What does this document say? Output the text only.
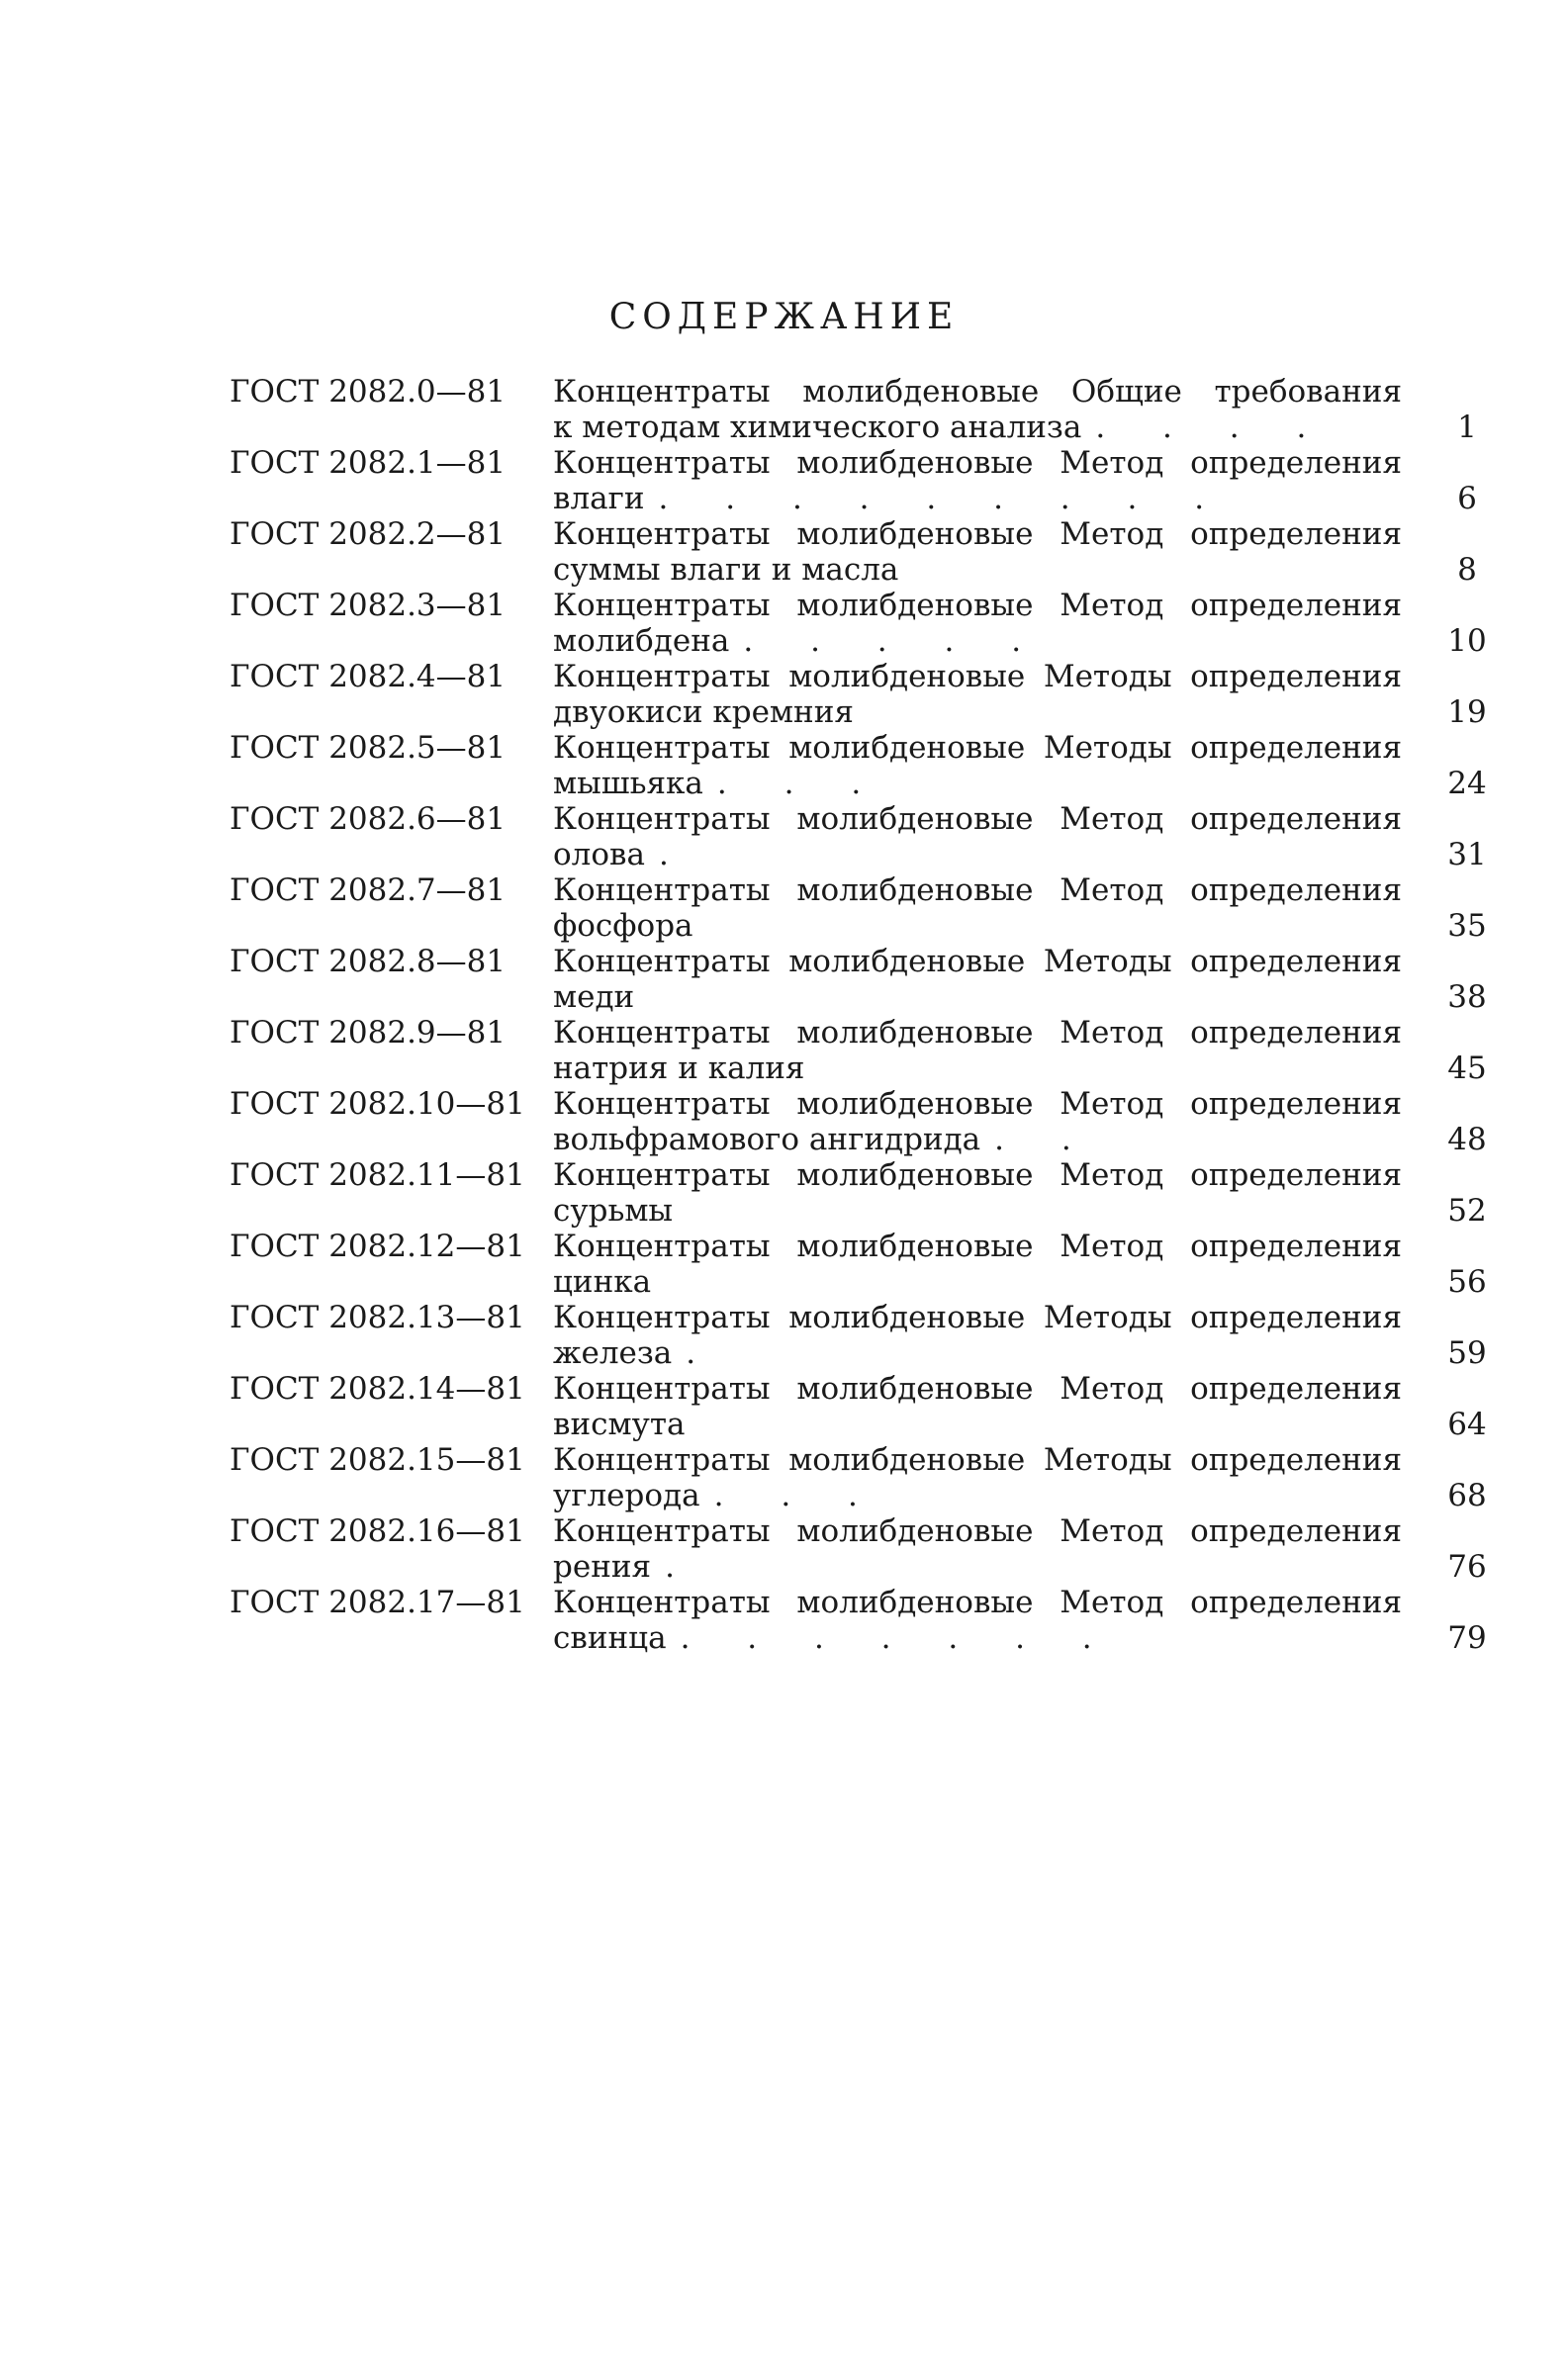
СОДЕРЖАНИЕ
ГОСТ 2082.0—81	Концентраты молибденовые Общие требования
к методам химического анализа . . . .	1
ГОСТ 2082.1—81	Концентраты молибденовые Метод определения
влаги . . . . . . . . .	6
ГОСТ 2082.2—81	Концентраты молибденовые Метод определения
суммы влаги и масла	8
ГОСТ 2082.3—81	Концентраты молибденовые Метод определения
молибдена . . . . .	10
ГОСТ 2082.4—81	Концентраты молибденовые Методы определения
двуокиси кремния	19
ГОСТ 2082.5—81	Концентраты молибденовые Методы определения
мышьяка . . .	24
ГОСТ 2082.6—81	Концентраты молибденовые Метод определения
олова .	31
ГОСТ 2082.7—81	Концентраты молибденовые Метод определения
фосфора	35
ГОСТ 2082.8—81	Концентраты молибденовые Методы определения
меди	38
ГОСТ 2082.9—81	Концентраты молибденовые Метод определения
натрия и калия	45
ГОСТ 2082.10—81 Концентраты молибденовые Метод определения
вольфрамового ангидрида . .	48
ГОСТ 2082.11—81 Концентраты молибденовые Метод определения
сурьмы	52
ГОСТ 2082.12—81 Концентраты молибденовые Метод определения
цинка	56
ГОСТ 2082.13—81 Концентраты молибденовые Методы определения
железа .	59
ГОСТ 2082.14—81 Концентраты молибденовые Метод определения
висмута	64
ГОСТ 2082.15—81 Концентраты молибденовые Методы определения
углерода . . .	68
ГОСТ 2082.16—81 Концентраты молибденовые Метод определения
рения .	76
ГОСТ 2082.17—81 Концентраты молибденовые Метод определения
свинца . . . . . . .	79
